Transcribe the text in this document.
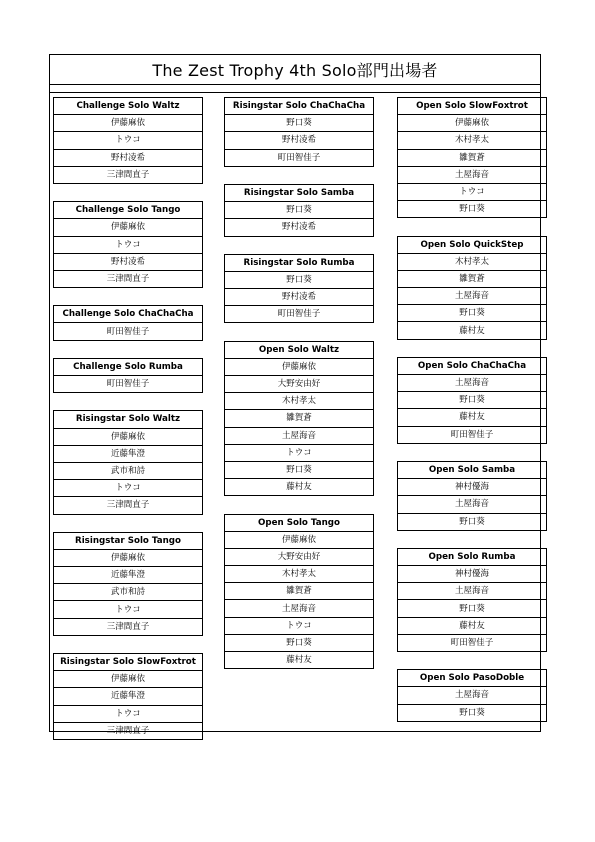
The Zest Trophy 4th Solo部門出場者
Challenge Solo Waltz
伊藤麻依
トウコ
野村凌希
三津間直子
Challenge Solo Tango
伊藤麻依
トウコ
野村凌希
三津間直子
Challenge Solo ChaChaCha
町田智佳子
Challenge Solo Rumba
町田智佳子
Risingstar Solo Waltz
伊藤麻依
近藤隼澄
武市和詩
トウコ
三津間直子
Risingstar Solo Tango
伊藤麻依
近藤隼澄
武市和詩
トウコ
三津間直子
Risingstar Solo SlowFoxtrot
伊藤麻依
近藤隼澄
トウコ
三津間直子
Risingstar Solo ChaChaCha
野口葵
野村凌希
町田智佳子
Risingstar Solo Samba
野口葵
野村凌希
Risingstar Solo Rumba
野口葵
野村凌希
町田智佳子
Open Solo Waltz
伊藤麻依
大野安由好
木村孝太
雛賀蒼
土屋海音
トウコ
野口葵
藤村友
Open Solo Tango
伊藤麻依
大野安由好
木村孝太
雛賀蒼
土屋海音
トウコ
野口葵
藤村友
Open Solo SlowFoxtrot
伊藤麻依
木村孝太
雛賀蒼
土屋海音
トウコ
野口葵
Open Solo QuickStep
木村孝太
雛賀蒼
土屋海音
野口葵
藤村友
Open Solo ChaChaCha
土屋海音
野口葵
藤村友
町田智佳子
Open Solo Samba
神村優海
土屋海音
野口葵
Open Solo Rumba
神村優海
土屋海音
野口葵
藤村友
町田智佳子
Open Solo PasoDoble
土屋海音
野口葵
